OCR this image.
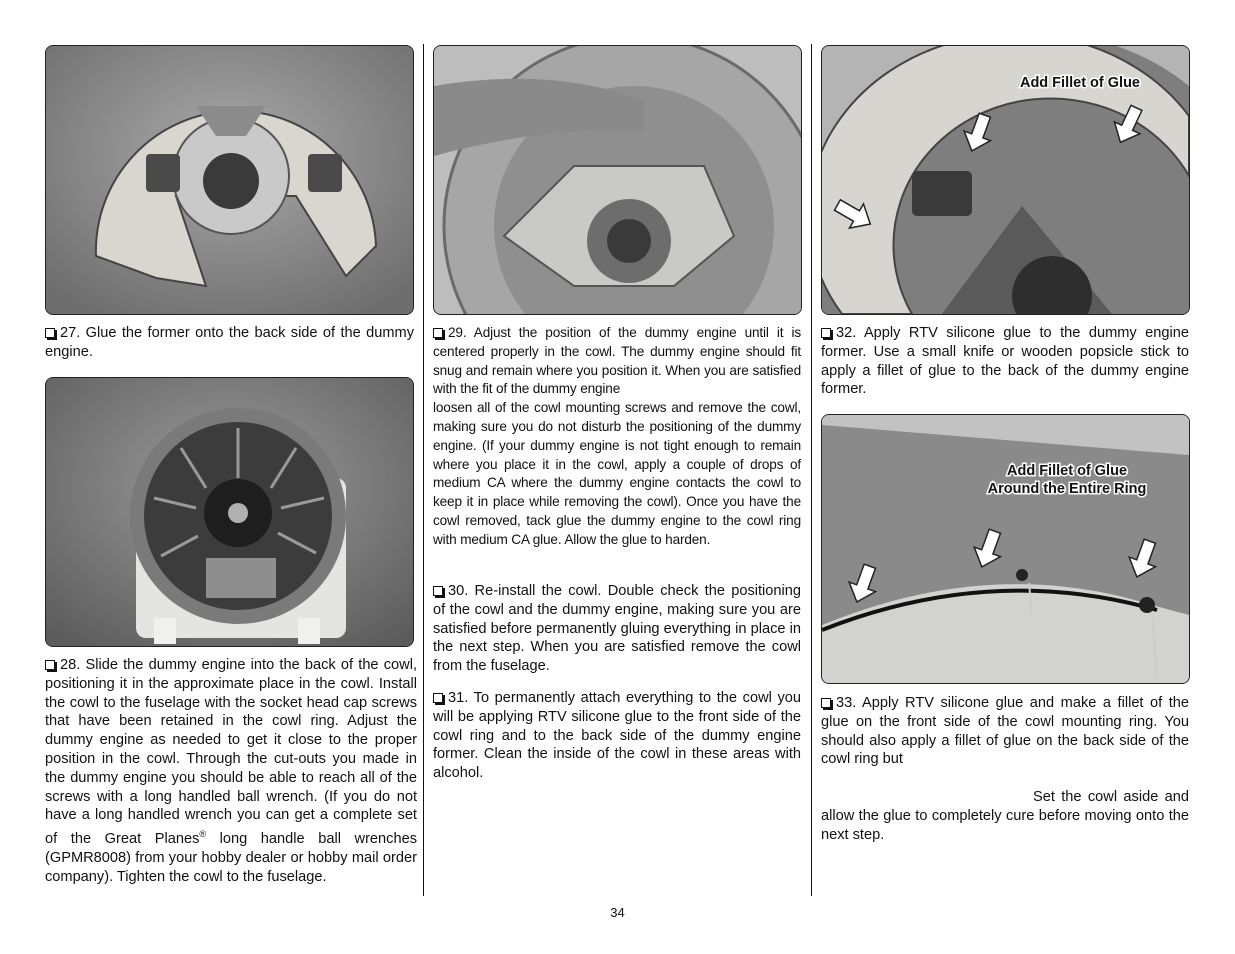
27. Glue the former onto the back side of the dummy engine.

28. Slide the dummy engine into the back of the cowl, positioning it in the approximate place in the cowl. Install the cowl to the fuselage with the socket head cap screws that have been retained in the cowl ring. Adjust the dummy engine as needed to get it close to the proper position in the cowl. Through the cut-outs you made in the dummy engine you should be able to reach all of the screws with a long handled ball wrench. (If you do not have a long handled wrench you can get a complete set of the Great Planes® long handle ball wrenches (GPMR8008) from your hobby dealer or hobby mail order company). Tighten the cowl to the fuselage.

29. Adjust the position of the dummy engine until it is centered properly in the cowl. The dummy engine should fit snug and remain where you position it. When you are satisfied with the fit of the dummy engine
loosen all of the cowl mounting screws and remove the cowl, making sure you do not disturb the positioning of the dummy engine. (If your dummy engine is not tight enough to remain where you place it in the cowl, apply a couple of drops of medium CA where the dummy engine contacts the cowl to keep it in place while removing the cowl). Once you have the cowl removed, tack glue the dummy engine to the cowl ring with medium CA glue. Allow the glue to harden.

30. Re-install the cowl. Double check the positioning of the cowl and the dummy engine, making sure you are satisfied before permanently gluing everything in place in the next step. When you are satisfied remove the cowl from the fuselage.

31. To permanently attach everything to the cowl you will be applying RTV silicone glue to the front side of the cowl ring and to the back side of the dummy engine former. Clean the inside of the cowl in these areas with alcohol.

Add Fillet of Glue

32. Apply RTV silicone glue to the dummy engine former. Use a small knife or wooden popsicle stick to apply a fillet of glue to the back of the dummy engine former.

Add Fillet of Glue
Around the Entire Ring
33. Apply RTV silicone glue and make a fillet of the glue on the front side of the cowl mounting ring. You should also apply a fillet of glue on the back side of the cowl ring but
Set the cowl aside and allow the glue to completely cure before moving onto the next step.
34
